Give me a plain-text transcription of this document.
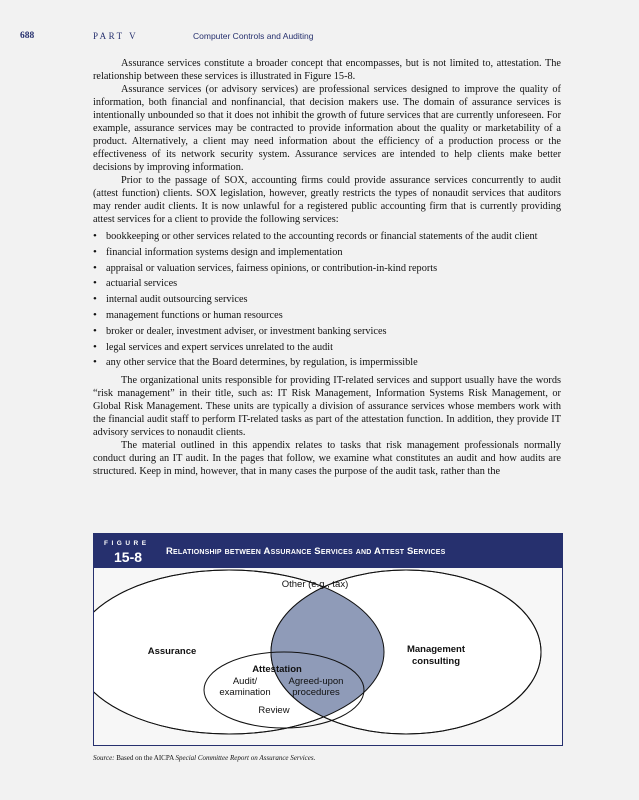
688	PART V	Computer Controls and Auditing

Assurance services constitute a broader concept that encompasses, but is not limited to, attestation. The relationship between these services is illustrated in Figure 15-8.

Assurance services (or advisory services) are professional services designed to improve the quality of information, both financial and nonfinancial, that decision makers use. The domain of assurance services is intentionally unbounded so that it does not inhibit the growth of future services that are currently unforeseen. For example, assurance services may be contracted to provide information about the quality or marketability of a product. Alternatively, a client may need information about the efficiency of a production process or the effectiveness of its network security system. Assurance services are intended to help clients make better decisions by improving information.

Prior to the passage of SOX, accounting firms could provide assurance services concurrently to audit (attest function) clients. SOX legislation, however, greatly restricts the types of nonaudit services that auditors may render audit clients. It is now unlawful for a registered public accounting firm that is currently providing attest services for a client to provide the following services:

• bookkeeping or other services related to the accounting records or financial statements of the audit client
• financial information systems design and implementation
• appraisal or valuation services, fairness opinions, or contribution-in-kind reports
• actuarial services
• internal audit outsourcing services
• management functions or human resources
• broker or dealer, investment adviser, or investment banking services
• legal services and expert services unrelated to the audit
• any other service that the Board determines, by regulation, is impermissible

The organizational units responsible for providing IT-related services and support usually have the words “risk management” in their title, such as: IT Risk Management, Information Systems Risk Management, or Global Risk Management. These units are typically a division of assurance services whose members work with the financial audit staff to perform IT-related tasks as part of the attestation function. In addition, they provide IT advisory services to nonaudit clients.

The material outlined in this appendix relates to tasks that risk management professionals normally conduct during an IT audit. In the pages that follow, we examine what constitutes an audit and how audits are structured. Keep in mind, however, that in many cases the purpose of the audit task, rather than the

FIGURE
15-8	Relationship between Assurance Services and Attest Services
Other (e.g., tax)
Assurance	Management
consulting
Attestation
Audit/
examination
Agreed-upon
procedures
Review
Source: Based on the AICPA Special Committee Report on Assurance Services.
